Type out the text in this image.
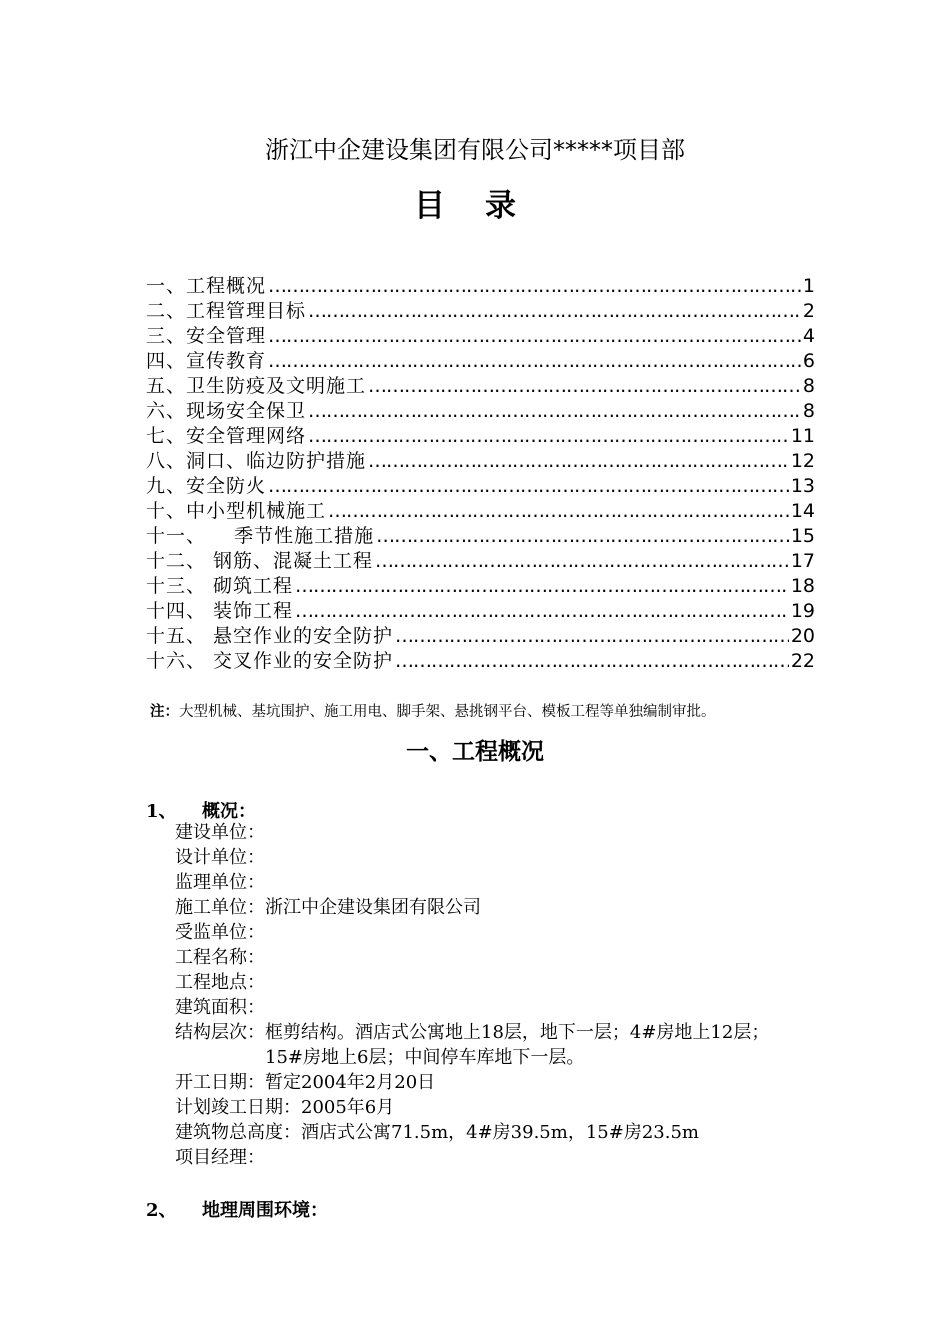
浙江中企建设集团有限公司*****项目部
目录
一、工程概况 ……………………………………………………………………………………………………………………………………	1
二、工程管理目标 ……………………………………………………………………………………………………………………………………	2
三、安全管理 ……………………………………………………………………………………………………………………………………	4
四、宣传教育 ……………………………………………………………………………………………………………………………………	6
五、卫生防疫及文明施工 ……………………………………………………………………………………………………………………………………	8
六、现场安全保卫 ……………………………………………………………………………………………………………………………………	8
七、安全管理网络 ……………………………………………………………………………………………………………………………………	11
八、洞口、临边防护措施 ……………………………………………………………………………………………………………………………………	12
九、安全防火 ……………………………………………………………………………………………………………………………………	13
十、中小型机械施工 ……………………………………………………………………………………………………………………………………	14
十一、    季节性施工措施 ……………………………………………………………………………………………………………………………………	15
十二、 钢筋、混凝土工程 ……………………………………………………………………………………………………………………………………	17
十三、 砌筑工程 ……………………………………………………………………………………………………………………………………	18
十四、 装饰工程 ……………………………………………………………………………………………………………………………………	19
十五、 悬空作业的安全防护 ……………………………………………………………………………………………………………………………………	20
十六、 交叉作业的安全防护 ……………………………………………………………………………………………………………………………………	22
注：大型机械、基坑围护、施工用电、脚手架、悬挑钢平台、模板工程等单独编制审批。
一、工程概况
1、 概况：
建设单位：
设计单位：
监理单位：
施工单位： 浙江中企建设集团有限公司
受监单位：
工程名称：
工程地点：
建筑面积：
结构层次： 框剪结构。酒店式公寓地上18层，地下一层；4#房地上12层；15#房地上6层；中间停车库地下一层。
开工日期： 暂定2004年2月20日
计划竣工日期： 2005年6月
建筑物总高度： 酒店式公寓71.5m，4#房39.5m，15#房23.5m
项目经理：
2、 地理周围环境：
